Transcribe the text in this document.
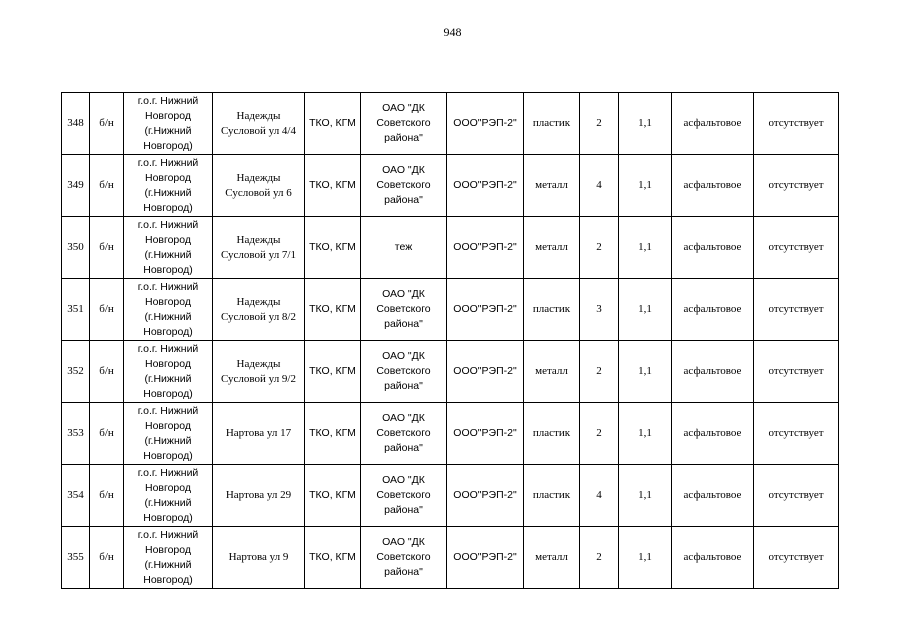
948
348	б/н	г.о.г. Нижний Новгород (г.Нижний Новгород)	Надежды Сусловой ул 4/4	ТКО, КГМ	ОАО "ДК Советского района"	ООО"РЭП-2"	пластик	2	1,1	асфальтовое	отсутствует
349	б/н	г.о.г. Нижний Новгород (г.Нижний Новгород)	Надежды Сусловой ул 6	ТКО, КГМ	ОАО "ДК Советского района"	ООО"РЭП-2"	металл	4	1,1	асфальтовое	отсутствует
350	б/н	г.о.г. Нижний Новгород (г.Нижний Новгород)	Надежды Сусловой ул 7/1	ТКО, КГМ	теж	ООО"РЭП-2"	металл	2	1,1	асфальтовое	отсутствует
351	б/н	г.о.г. Нижний Новгород (г.Нижний Новгород)	Надежды Сусловой ул 8/2	ТКО, КГМ	ОАО "ДК Советского района"	ООО"РЭП-2"	пластик	3	1,1	асфальтовое	отсутствует
352	б/н	г.о.г. Нижний Новгород (г.Нижний Новгород)	Надежды Сусловой ул 9/2	ТКО, КГМ	ОАО "ДК Советского района"	ООО"РЭП-2"	металл	2	1,1	асфальтовое	отсутствует
353	б/н	г.о.г. Нижний Новгород (г.Нижний Новгород)	Нартова ул 17	ТКО, КГМ	ОАО "ДК Советского района"	ООО"РЭП-2"	пластик	2	1,1	асфальтовое	отсутствует
354	б/н	г.о.г. Нижний Новгород (г.Нижний Новгород)	Нартова ул 29	ТКО, КГМ	ОАО "ДК Советского района"	ООО"РЭП-2"	пластик	4	1,1	асфальтовое	отсутствует
355	б/н	г.о.г. Нижний Новгород (г.Нижний Новгород)	Нартова ул 9	ТКО, КГМ	ОАО "ДК Советского района"	ООО"РЭП-2"	металл	2	1,1	асфальтовое	отсутствует
